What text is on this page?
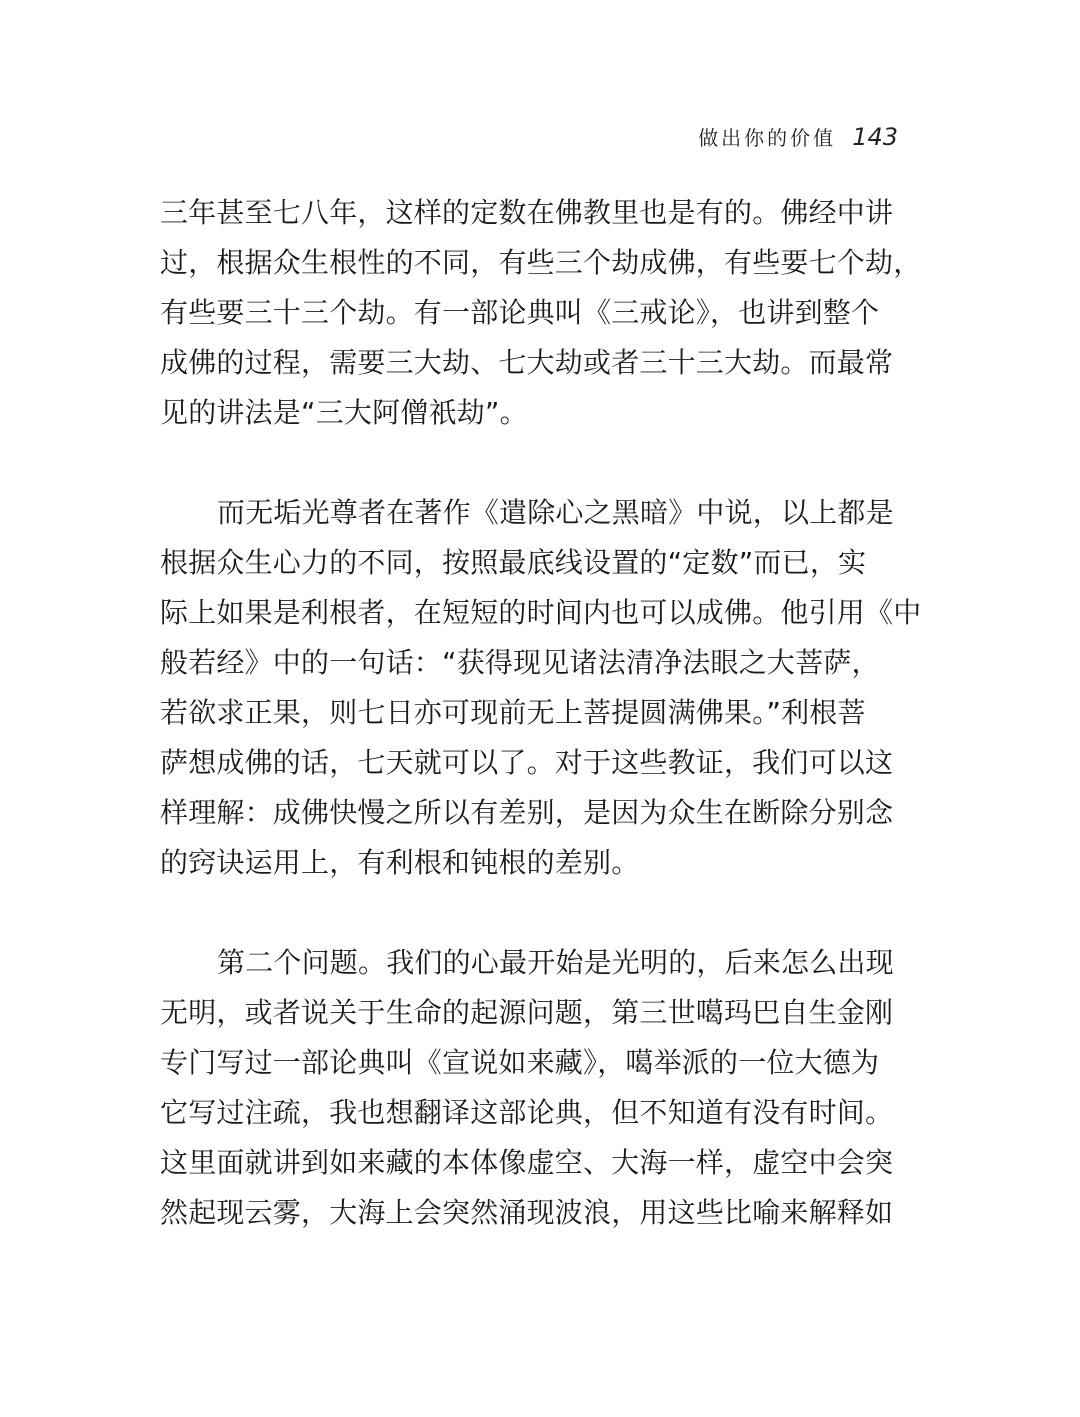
做出你的价值 143
三年甚至七八年，这样的定数在佛教里也是有的。佛经中讲
过，根据众生根性的不同，有些三个劫成佛，有些要七个劫，
有些要三十三个劫。有一部论典叫《三戒论》，也讲到整个
成佛的过程，需要三大劫、七大劫或者三十三大劫。而最常
见的讲法是“三大阿僧祇劫”。
而无垢光尊者在著作《遣除心之黑暗》中说，以上都是
根据众生心力的不同，按照最底线设置的“定数”而已，实
际上如果是利根者，在短短的时间内也可以成佛。他引用《中
般若经》中的一句话：“获得现见诸法清净法眼之大菩萨，
若欲求正果，则七日亦可现前无上菩提圆满佛果。”利根菩
萨想成佛的话，七天就可以了。对于这些教证，我们可以这
样理解：成佛快慢之所以有差别，是因为众生在断除分别念
的窍诀运用上，有利根和钝根的差别。
第二个问题。我们的心最开始是光明的，后来怎么出现
无明，或者说关于生命的起源问题，第三世噶玛巴自生金刚
专门写过一部论典叫《宣说如来藏》，噶举派的一位大德为
它写过注疏，我也想翻译这部论典，但不知道有没有时间。
这里面就讲到如来藏的本体像虚空、大海一样，虚空中会突
然起现云雾，大海上会突然涌现波浪，用这些比喻来解释如
